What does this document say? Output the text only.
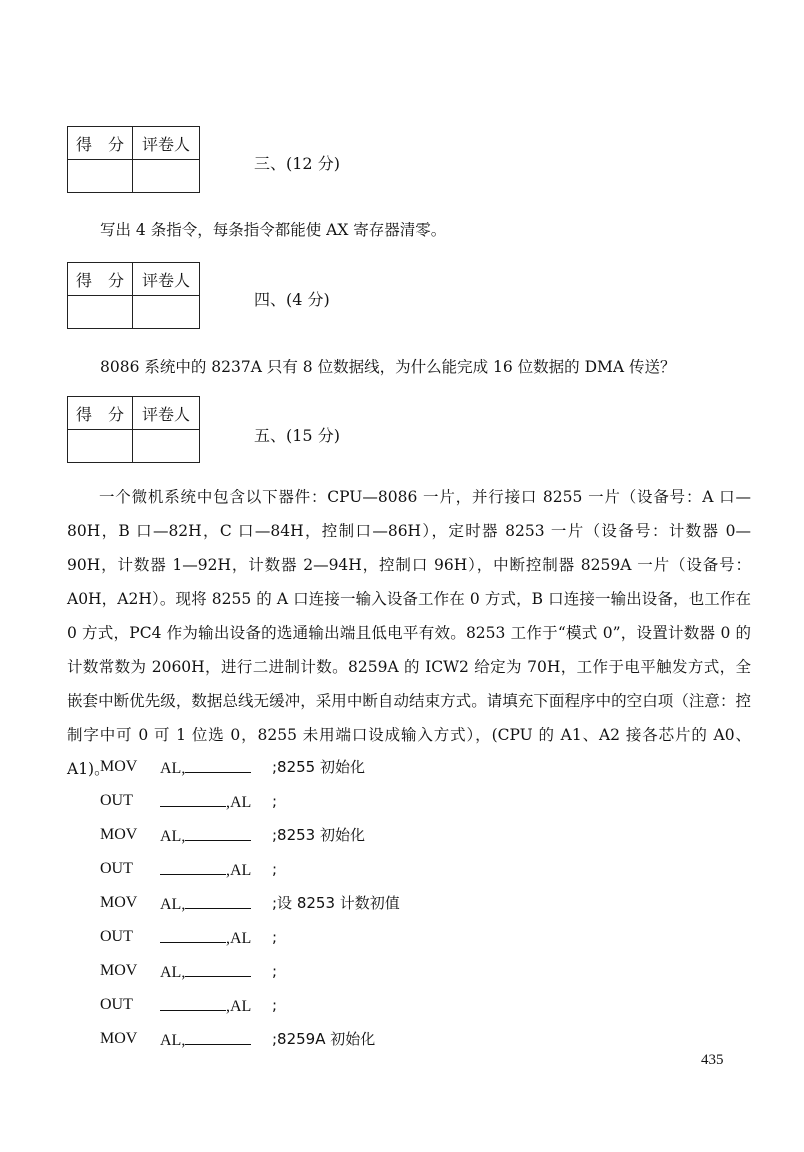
得　分	评卷人

三、(12 分)
写出 4 条指令，每条指令都能使 AX 寄存器清零。
得　分	评卷人

四、(4 分)
8086 系统中的 8237A 只有 8 位数据线，为什么能完成 16 位数据的 DMA 传送？
得　分	评卷人

五、(15 分)
一个微机系统中包含以下器件：CPU—8086 一片，并行接口 8255 一片（设备号：A 口—80H，B 口—82H，C 口—84H，控制口—86H），定时器 8253 一片（设备号：计数器 0—90H，计数器 1—92H，计数器 2—94H，控制口 96H），中断控制器 8259A 一片（设备号：A0H，A2H）。现将 8255 的 A 口连接一输入设备工作在 0 方式，B 口连接一输出设备，也工作在 0 方式，PC4 作为输出设备的选通输出端且低电平有效。8253 工作于“模式 0”，设置计数器 0 的计数常数为 2060H，进行二进制计数。8259A 的 ICW2 给定为 70H，工作于电平触发方式，全嵌套中断优先级，数据总线无缓冲，采用中断自动结束方式。请填充下面程序中的空白项（注意：控制字中可 0 可 1 位选 0，8255 未用端口设成输入方式），(CPU 的 A1、A2 接各芯片的 A0、A1)。
MOV AL,	;8255 初始化
OUT	,AL ;
MOV AL,	;8253 初始化
OUT	,AL ;
MOV AL,	;设 8253 计数初值
OUT	,AL ;
MOV AL,	;
OUT	,AL ;
MOV AL,	;8259A 初始化
435
